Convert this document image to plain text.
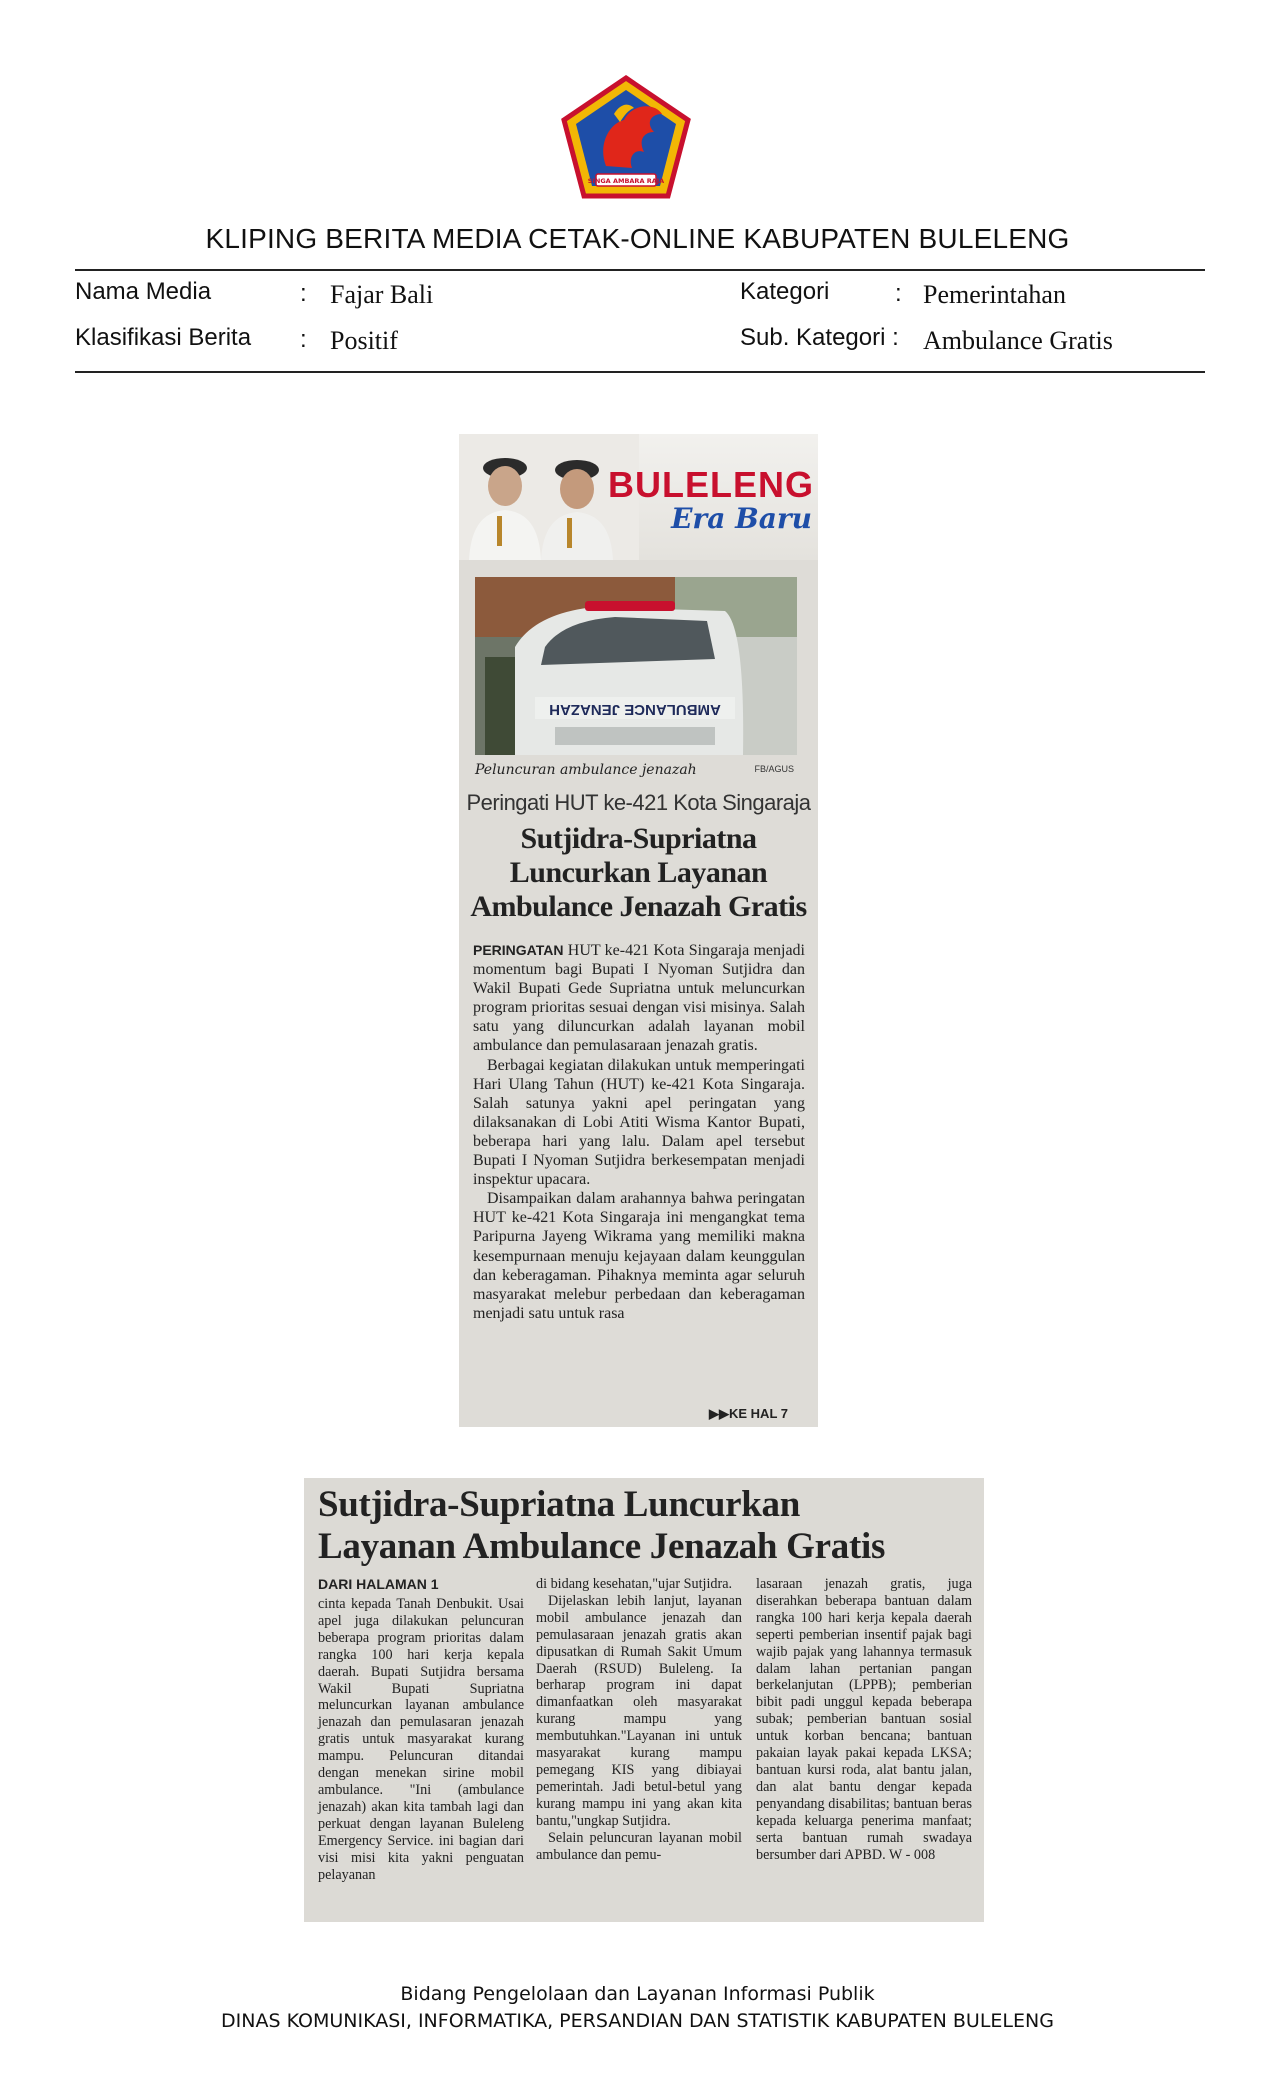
SINGA AMBARA RAJA
KLIPING BERITA MEDIA CETAK-ONLINE KABUPATEN BULELENG
Nama Media	: Fajar Bali
Klasifikasi Berita : Positif
Kategori	: Pemerintahan
Sub. Kategori : Ambulance Gratis
BULELENG
Era Baru
AMBULANCE JENAZAH
Peluncuran ambulance jenazah	FB/AGUS
Peringati HUT ke-421 Kota Singaraja
Sutjidra-Supriatna
Luncurkan Layanan
Ambulance Jenazah Gratis

PERINGATAN HUT ke-421 Kota Singaraja menjadi momentum bagi Bupati I Nyoman Sutjidra dan Wakil Bupati Gede Supriatna untuk meluncurkan program prioritas sesuai dengan visi misinya. Salah satu yang diluncurkan adalah layanan mobil ambulance dan pemulasaraan jenazah gratis.

Berbagai kegiatan dilakukan untuk memperingati Hari Ulang Tahun (HUT) ke-421 Kota Singaraja. Salah satunya yakni apel peringatan yang dilaksanakan di Lobi Atiti Wisma Kantor Bupati, beberapa hari yang lalu. Dalam apel tersebut Bupati I Nyoman Sutjidra berkesempatan menjadi inspektur upacara.

Disampaikan dalam arahannya bahwa peringatan HUT ke-421 Kota Singaraja ini mengangkat tema Paripurna Jayeng Wikrama yang memiliki makna kesempurnaan menuju kejayaan dalam keunggulan dan keberagaman. Pihaknya meminta agar seluruh masyarakat melebur perbedaan dan keberagaman menjadi satu untuk rasa

▶▶KE HAL 7
Sutjidra-Supriatna Luncurkan
Layanan Ambulance Jenazah Gratis
DARI HALAMAN 1

cinta kepada Tanah Denbukit. Usai apel juga dilakukan peluncuran beberapa program prioritas dalam rangka 100 hari kerja kepala daerah. Bupati Sutjidra bersama Wakil Bupati Supriatna meluncurkan layanan ambulance jenazah dan pemulasaran jenazah gratis untuk masyarakat kurang mampu. Peluncuran ditandai dengan menekan sirine mobil ambulance. "Ini (ambulance jenazah) akan kita tambah lagi dan perkuat dengan layanan Buleleng Emergency Service. ini bagian dari visi misi kita yakni penguatan pelayanan

di bidang kesehatan,"ujar Sutjidra.

Dijelaskan lebih lanjut, layanan mobil ambulance jenazah dan pemulasaraan jenazah gratis akan dipusatkan di Rumah Sakit Umum Daerah (RSUD) Buleleng. Ia berharap program ini dapat dimanfaatkan oleh masyarakat kurang mampu yang membutuhkan."Layanan ini untuk masyarakat kurang mampu pemegang KIS yang dibiayai pemerintah. Jadi betul-betul yang kurang mampu ini yang akan kita bantu,"ungkap Sutjidra.

Selain peluncuran layanan mobil ambulance dan pemu-

lasaraan jenazah gratis, juga diserahkan beberapa bantuan dalam rangka 100 hari kerja kepala daerah seperti pemberian insentif pajak bagi wajib pajak yang lahannya termasuk dalam lahan pertanian pangan berkelanjutan (LPPB); pemberian bibit padi unggul kepada beberapa subak; pemberian bantuan sosial untuk korban bencana; bantuan pakaian layak pakai kepada LKSA; bantuan kursi roda, alat bantu jalan, dan alat bantu dengar kepada penyandang disabilitas; bantuan beras kepada keluarga penerima manfaat; serta bantuan rumah swadaya bersumber dari APBD. W - 008

Bidang Pengelolaan dan Layanan Informasi Publik
DINAS KOMUNIKASI, INFORMATIKA, PERSANDIAN DAN STATISTIK KABUPATEN BULELENG
